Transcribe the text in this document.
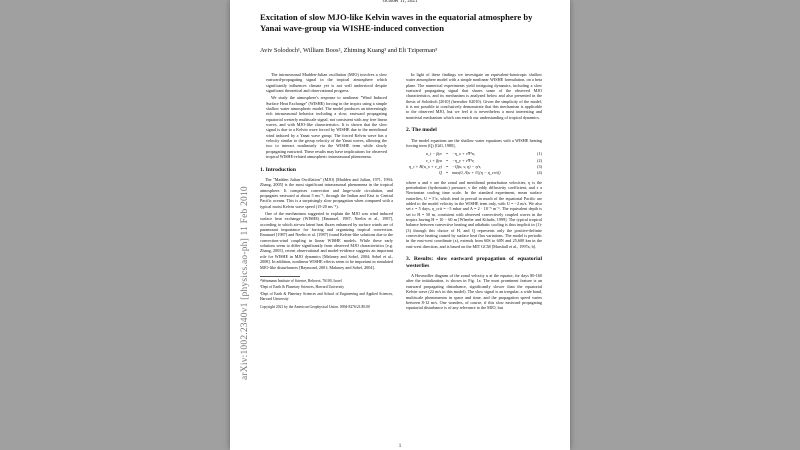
October 11, 2021
Excitation of slow MJO-like Kelvin waves in the equatorial atmosphere by Yanai wave-group via WISHE-induced convection
Aviv Solodoch¹, William Boos², Zhiming Kuang³ and Eli Tziperman³

The intraseasonal Madden-Julian oscillation (MJO) involves a slow eastward-propagating signal in the tropical atmosphere which significantly influences climate yet is not well understood despite significant theoretical and observational progress.

We study the atmosphere's response to nonlinear "Wind Induced Surface Heat Exchange" (WISHE) forcing in the tropics using a simple shallow water atmospheric model. The model produces an interestingly rich intraseasonal behavior including a slow, eastward propagating equatorial westerly multiscale signal, not consistent with any free linear waves, and with MJO-like characteristics. It is shown that the slow signal is due to a Kelvin wave forced by WISHE due to the meridional wind induced by a Yanai wave group. The forced Kelvin wave has a velocity similar to the group velocity of the Yanai waves, allowing the two to interact nonlinearly via the WISHE term while slowly propagating eastward. These results may have implications for observed tropical WISHE-related atmospheric intraseasonal phenomena.

1. Introduction

The "Madden Julian Oscillation" (MJO) [Madden and Julian, 1971, 1994; Zhang, 2005] is the most significant intraseasonal phenomena in the tropical atmosphere. It comprises convection and large-scale circulation, and propagates eastward at about 5 ms⁻¹, through the Indian and East to Central Pacific oceans. This is a surprisingly slow propagation when compared with a typical moist Kelvin wave speed (15-20 ms⁻¹).

One of the mechanisms suggested to explain the MJO was wind induced surface heat exchange (WISHE) [Emanuel, 1987; Neelin et al., 1987], according to which air-sea latent heat fluxes enhanced by surface winds are of paramount importance for forcing and organizing tropical convection. Emanuel [1987] and Neelin et al. [1987] found Kelvin-like solutions due to the convection-wind coupling in linear WISHE models. While these early solutions seem to differ significantly from observed MJO characteristics [e.g. Zhang, 2005], recent observational and model-evidence suggests an important role for WISHE in MJO dynamics [Maloney and Sobel, 2004; Sobel et al., 2008]. In addition, nonlinear WISHE effects seem to be important in simulated MJO-like disturbances [Raymond, 2001; Maloney and Sobel, 2004].

¹Weizmann Institute of Science, Rehovot, 76100, Israel

²Dept of Earth & Planetary Sciences, Harvard University

³Dept of Earth & Planetary Sciences and School of Engineering and Applied Sciences, Harvard University

Copyright 2021 by the American Geophysical Union. 0094-8276/21/$5.00

In light of these findings we investigate an equivalent-barotropic shallow water atmosphere model with a simple nonlinear WISHE formulation, on a beta plane. The numerical experiments yield intriguing dynamics, including a slow eastward propagating signal that shares some of the observed MJO characteristics, and its mechanism is analyzed below and also presented in the thesis of Solodoch [2010] (hereafter S2010). Given the simplicity of the model, it is not possible to conclusively demonstrate that this mechanism is applicable to the observed MJO, but we feel it is nevertheless a most interesting and nontrivial mechanism which can enrich our understanding of tropical dynamics.

2. The model

The model equations are the shallow water equations with a WISHE heating forcing term (Q) [Gill, 1980],

u_t − βyv = −η_x + ν∇²u,	(1)
v_t + βyu = −η_y + ν∇²v,	(2)
η_t + H(u_x + v_y) = −Q(u, v, η) − η/τ,	(3)
Q = max(0, A|u + U|(η − η_crit))	(4)

where u and v are the zonal and meridional perturbation velocities, η is the perturbation (hydrostatic) pressure, ν the eddy diffusivity coefficient, and τ a Newtonian cooling time scale. In the standard experiment, mean surface easterlies, U = Γ/ε, which tend to prevail in much of the equatorial Pacific are added to the model velocity in the WISHE term only, with U = −2 m/s. We also set τ = 5 days, η_crit = −5 mbar and A = 2 · 10⁻⁵ m⁻¹. The equivalent depth is set to H = 50 m, consistent with observed convectively coupled waves in the tropics having H = 10 − 60 m [Wheeler and Kiladis, 1999]. The typical tropical balance between convective heating and adiabatic cooling is thus implicit in (1)-(3) through this choice of H, and Q represents only the positive-definite convective heating caused by surface heat flux variations. The model is periodic in the east-west coordinate (x), extends from 60S to 60N and 25,600 km in the east-west direction, and is based on the MIT GCM [Marshall et al., 1997a, b].

3. Results: slow eastward propagation of equatorial westerlies

A Hovmoller diagram of the zonal velocity u at the equator, for days 80-160 after the initialization, is shown in Fig. 1a. The most prominent feature is an eastward propagating disturbance, significantly slower than the equatorial Kelvin wave (22 m/s in this model). The slow signal is an irregular, a wide band, multiscale phenomenon in space and time, and the propagation speed varies between 8-12 m/s. One wonders, of course, if this slow eastward propagating equatorial disturbance is of any relevance to the MJO, but

arXiv:1002.2340v1 [physics.ao-ph] 11 Feb 2010
1
